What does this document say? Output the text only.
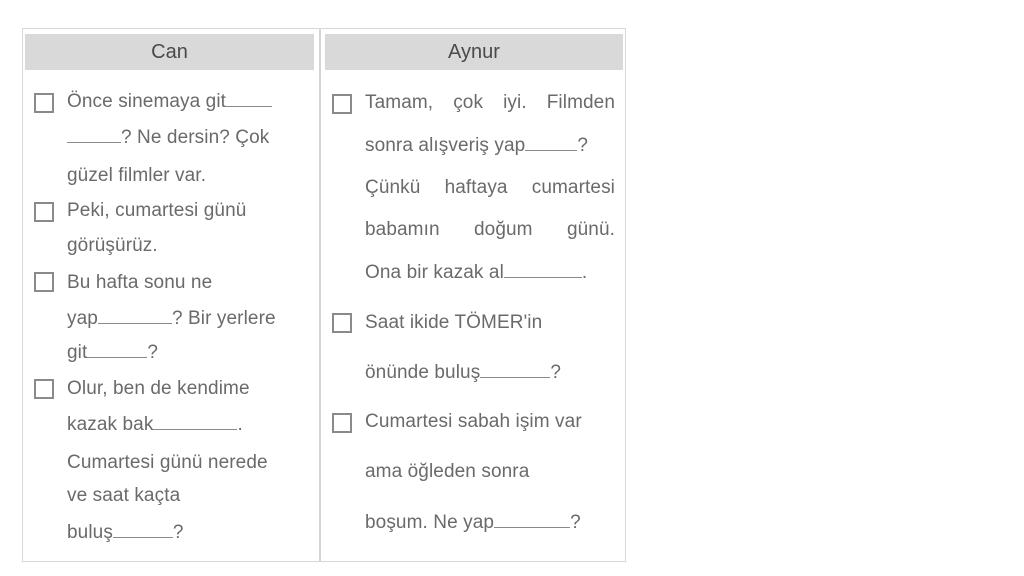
Can	Aynur
Önce sinemaya git
? Ne dersin? Çok
güzel filmler var.
Peki, cumartesi günü
görüşürüz.
Bu hafta sonu ne
yap	? Bir yerlere
git	?
Olur, ben de kendime
kazak bak	.
Cumartesi günü nerede
ve saat kaçta
buluş	?
Tamam, çok iyi. Filmden
sonra alışveriş yap	?
Çünkü haftaya cumartesi
babamın doğum günü.
Ona bir kazak al	.
Saat ikide TÖMER'in
önünde buluş	?
Cumartesi sabah işim var
ama öğleden sonra
boşum. Ne yap	?
